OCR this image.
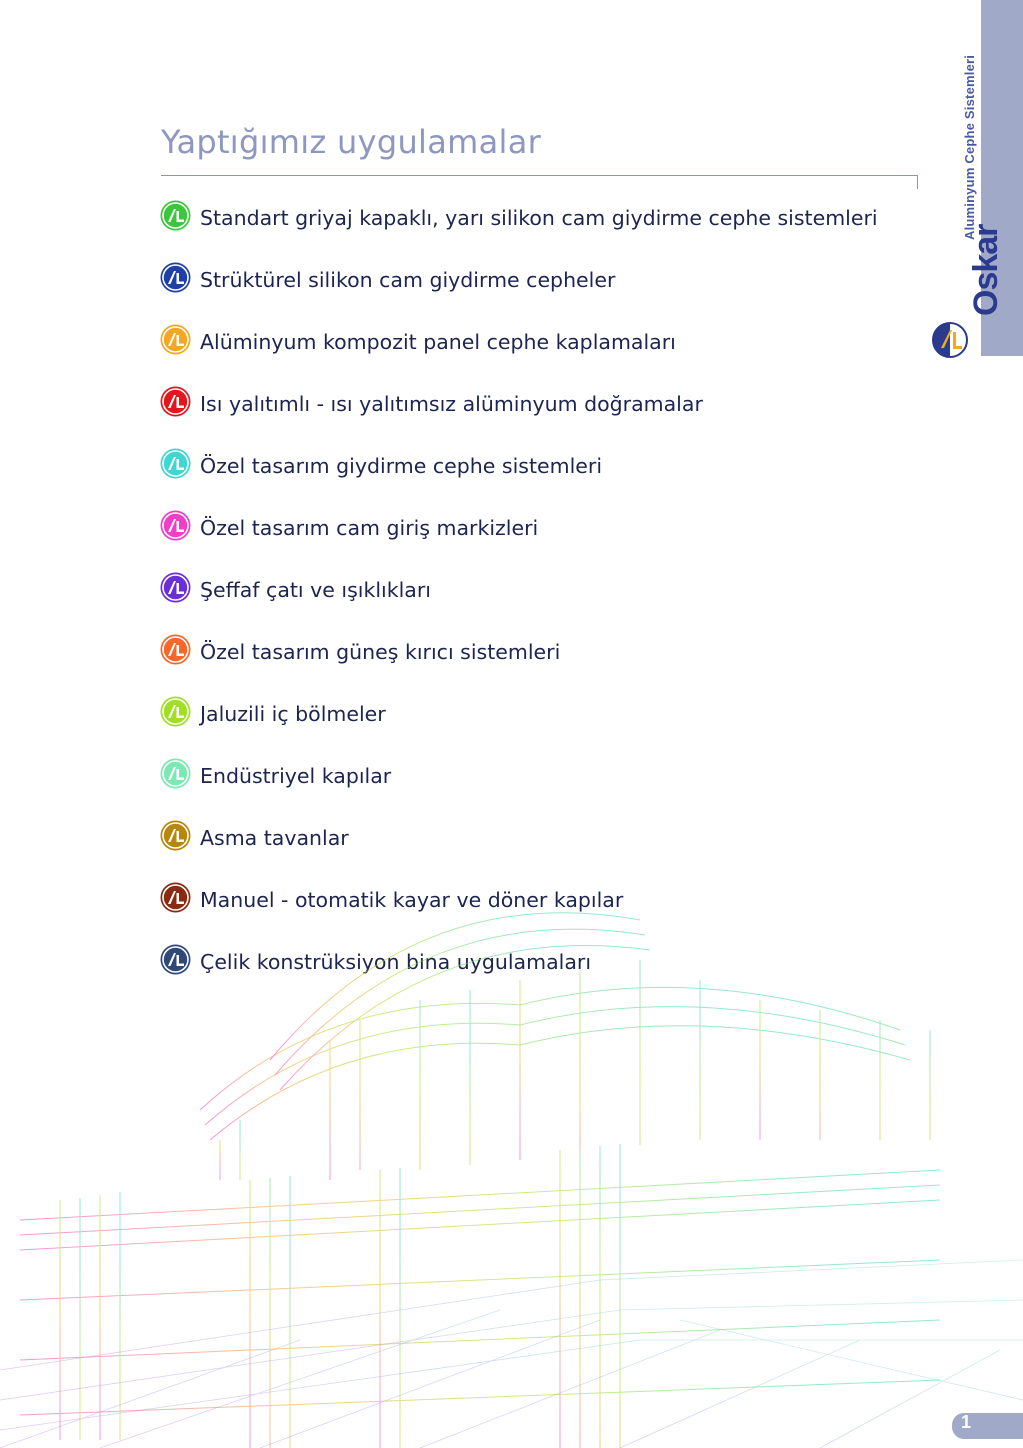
Aluminyum Cephe Sistemleri
Oskar
Yaptığımız uygulamalar
Standart griyaj kapaklı, yarı silikon cam giydirme cephe sistemleri
Strüktürel silikon cam giydirme cepheler
Alüminyum kompozit panel cephe kaplamaları
Isı yalıtımlı - ısı yalıtımsız alüminyum doğramalar
Özel tasarım giydirme cephe sistemleri
Özel tasarım cam giriş markizleri
Şeffaf çatı ve ışıklıkları
Özel tasarım güneş kırıcı sistemleri
Jaluzili iç bölmeler
Endüstriyel kapılar
Asma tavanlar
Manuel - otomatik kayar ve döner kapılar
Çelik konstrüksiyon bina uygulamaları
1
